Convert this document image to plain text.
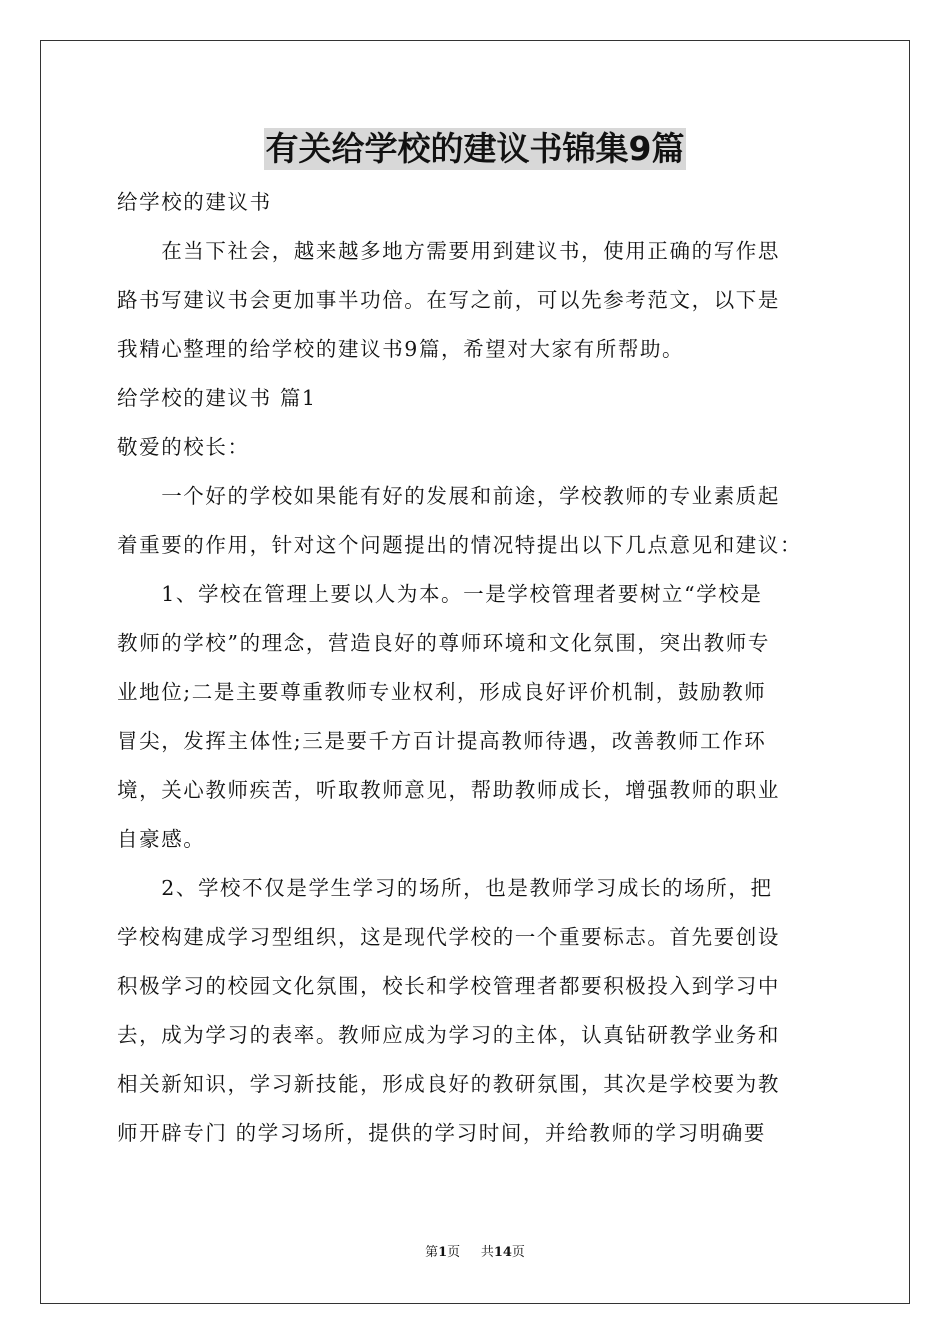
有关给学校的建议书锦集9篇
给学校的建议书
　　在当下社会，越来越多地方需要用到建议书，使用正确的写作思
路书写建议书会更加事半功倍。在写之前，可以先参考范文，以下是
我精心整理的给学校的建议书9篇，希望对大家有所帮助。
给学校的建议书 篇1
敬爱的校长：
　　一个好的学校如果能有好的发展和前途，学校教师的专业素质起
着重要的作用，针对这个问题提出的情况特提出以下几点意见和建议：
　　1、学校在管理上要以人为本。一是学校管理者要树立“学校是
教师的学校”的理念，营造良好的尊师环境和文化氛围，突出教师专
业地位;二是主要尊重教师专业权利，形成良好评价机制，鼓励教师
冒尖，发挥主体性;三是要千方百计提高教师待遇，改善教师工作环
境，关心教师疾苦，听取教师意见，帮助教师成长，增强教师的职业
自豪感。
　　2、学校不仅是学生学习的场所，也是教师学习成长的场所，把
学校构建成学习型组织，这是现代学校的一个重要标志。首先要创设
积极学习的校园文化氛围，校长和学校管理者都要积极投入到学习中
去，成为学习的表率。教师应成为学习的主体，认真钻研教学业务和
相关新知识，学习新技能，形成良好的教研氛围，其次是学校要为教
师开辟专门 的学习场所，提供的学习时间，并给教师的学习明确要
第1页 共14页
